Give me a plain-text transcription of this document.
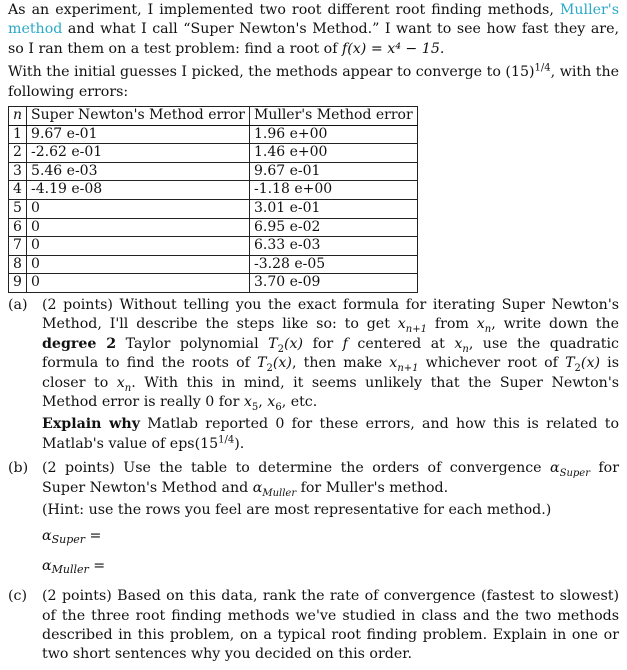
As an experiment, I implemented two root different root finding methods, Muller's method and what I call “Super Newton's Method.” I want to see how fast they are, so I ran them on a test problem: find a root of f(x) = x⁴ − 15.

With the initial guesses I picked, the methods appear to converge to $(15)^{1/4}$, with the following errors:

n	Super Newton's Method error	Muller's Method error
1	9.67 e-01	1.96 e+00
2	-2.62 e-01	1.46 e+00
3	5.46 e-03	9.67 e-01
4	-4.19 e-08	-1.18 e+00
5	0	3.01 e-01
6	0	6.95 e-02
7	0	6.33 e-03
8	0	-3.28 e-05
9	0	3.70 e-09
(a)	(2 points) Without telling you the exact formula for iterating Super Newton's Method, I'll describe the steps like so: to get $x_{n+1}$ from $x_n$, write down the degree 2 Taylor polynomial $T_2(x)$ for f centered at $x_n$, use the quadratic formula to find the roots of $T_2(x)$, then make $x_{n+1}$ whichever root of $T_2(x)$ is closer to $x_n$. With this in mind, it seems unlikely that the Super Newton's Method error is really 0 for $x_5$, $x_6$, etc.

Explain why Matlab reported 0 for these errors, and how this is related to Matlab's value of $eps(15^{1/4})$.

(b) (2 points) Use the table to determine the orders of convergence $\alpha_{Super}$ for Super Newton's Method and $\alpha_{Muller}$ for Muller's method.

(Hint: use the rows you feel are most representative for each method.)

$\alpha_{Super}$ =
$\alpha_{Muller}$ =
(c)	(2 points) Based on this data, rank the rate of convergence (fastest to slowest) of the three root finding methods we've studied in class and the two methods described in this problem, on a typical root finding problem. Explain in one or two short sentences why you decided on this order.
